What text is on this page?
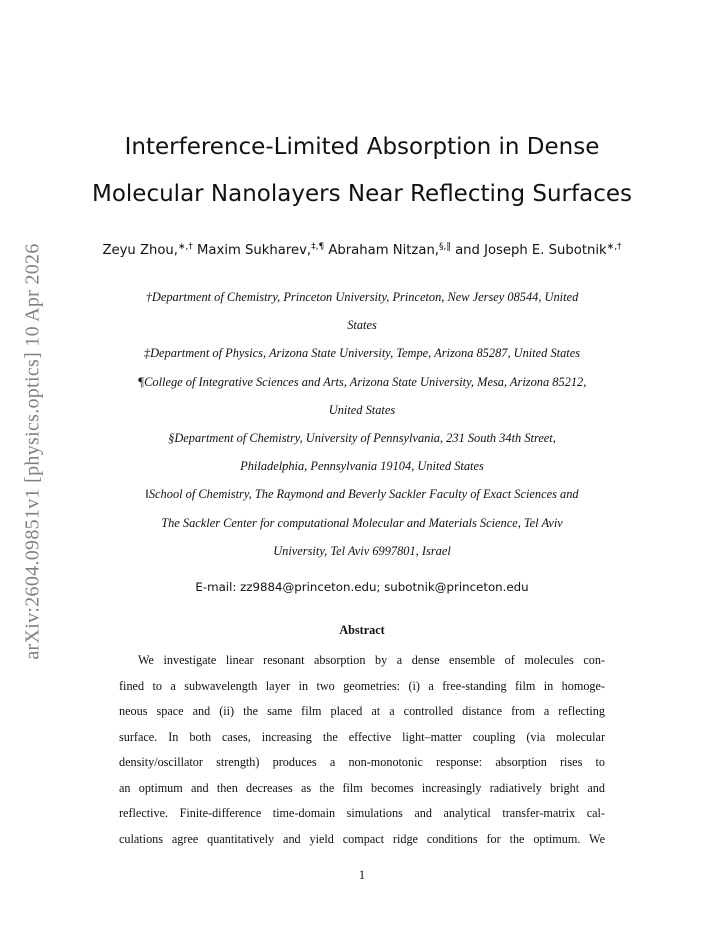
arXiv:2604.09851v1 [physics.optics] 10 Apr 2026
Interference-Limited Absorption in Dense
Molecular Nanolayers Near Reflecting Surfaces
Zeyu Zhou,∗,† Maxim Sukharev,‡,¶ Abraham Nitzan,§,‖ and Joseph E. Subotnik∗,†
†Department of Chemistry, Princeton University, Princeton, New Jersey 08544, United
States
‡Department of Physics, Arizona State University, Tempe, Arizona 85287, United States
¶College of Integrative Sciences and Arts, Arizona State University, Mesa, Arizona 85212,
United States
§Department of Chemistry, University of Pennsylvania, 231 South 34th Street,
Philadelphia, Pennsylvania 19104, United States
‖School of Chemistry, The Raymond and Beverly Sackler Faculty of Exact Sciences and
The Sackler Center for computational Molecular and Materials Science, Tel Aviv
University, Tel Aviv 6997801, Israel
E-mail: zz9884@princeton.edu; subotnik@princeton.edu
Abstract
We investigate linear resonant absorption by a dense ensemble of molecules con-
fined to a subwavelength layer in two geometries: (i) a free-standing film in homoge-
neous space and (ii) the same film placed at a controlled distance from a reflecting
surface. In both cases, increasing the effective light–matter coupling (via molecular
density/oscillator strength) produces a non-monotonic response: absorption rises to
an optimum and then decreases as the film becomes increasingly radiatively bright and
reflective. Finite-difference time-domain simulations and analytical transfer-matrix cal-
culations agree quantitatively and yield compact ridge conditions for the optimum. We
1
